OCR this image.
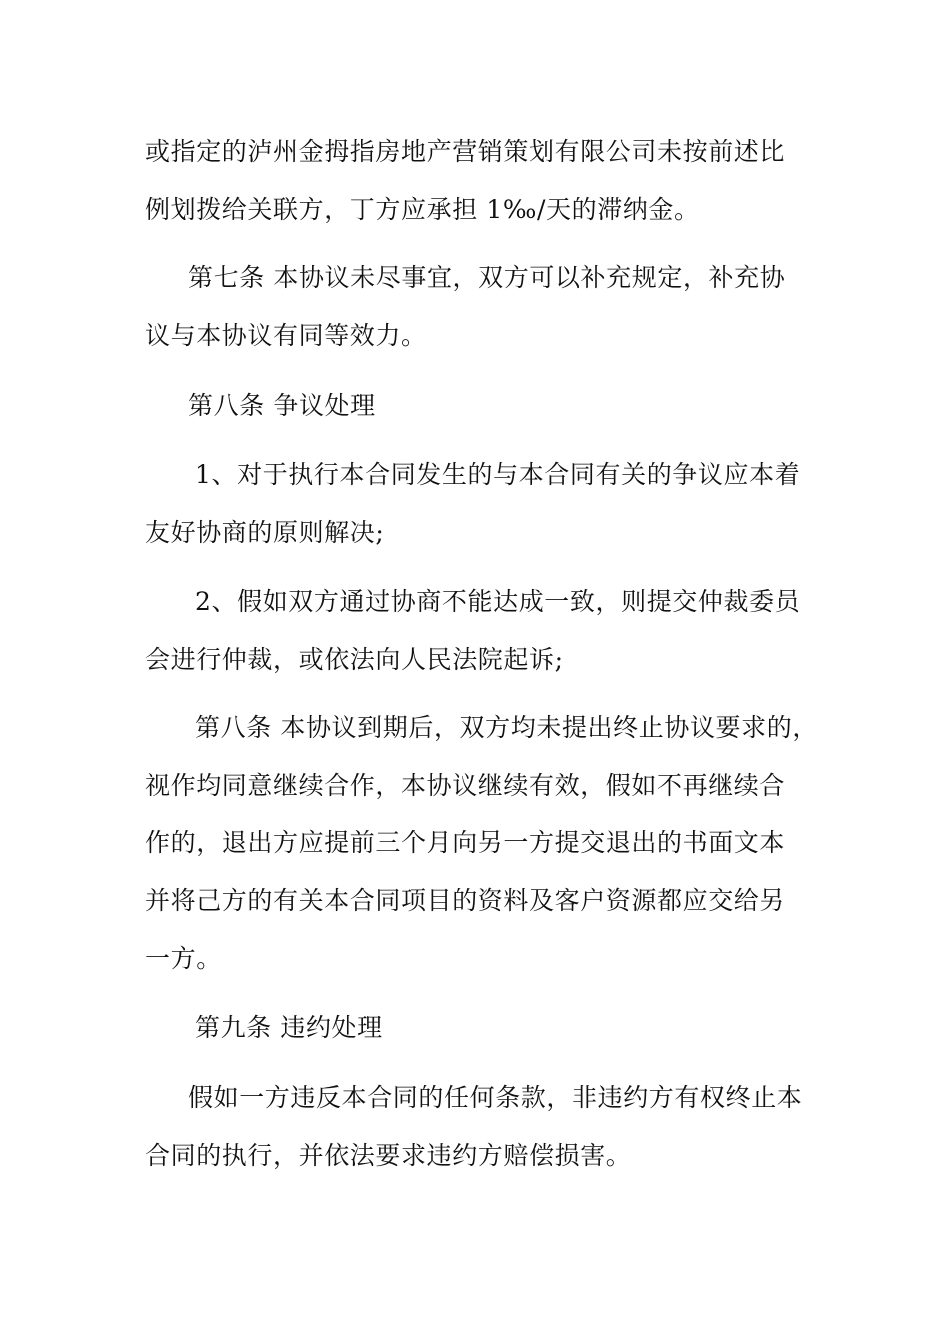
或指定的泸州金拇指房地产营销策划有限公司未按前述比

例划拨给关联方，丁方应承担 1‰/天的滞纳金。

第七条 本协议未尽事宜，双方可以补充规定，补充协

议与本协议有同等效力。

第八条 争议处理

1、对于执行本合同发生的与本合同有关的争议应本着

友好协商的原则解决;

2、假如双方通过协商不能达成一致，则提交仲裁委员

会进行仲裁，或依法向人民法院起诉;

第八条 本协议到期后，双方均未提出终止协议要求的，

视作均同意继续合作，本协议继续有效，假如不再继续合

作的，退出方应提前三个月向另一方提交退出的书面文本

并将己方的有关本合同项目的资料及客户资源都应交给另

一方。

第九条 违约处理

假如一方违反本合同的任何条款，非违约方有权终止本

合同的执行，并依法要求违约方赔偿损害。
